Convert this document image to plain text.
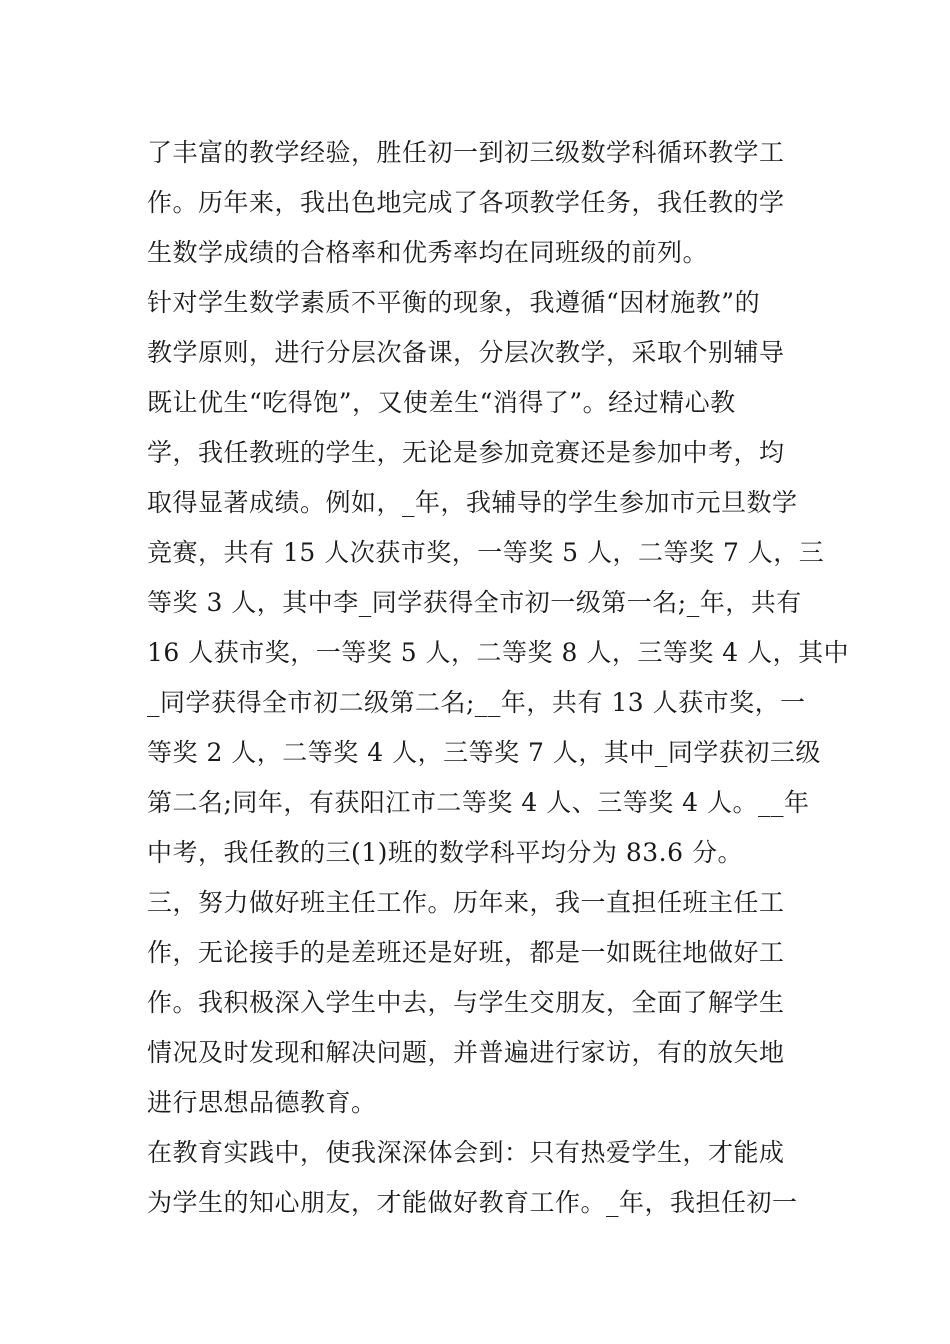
了丰富的教学经验，胜任初一到初三级数学科循环教学工
作。历年来，我出色地完成了各项教学任务，我任教的学
生数学成绩的合格率和优秀率均在同班级的前列。
针对学生数学素质不平衡的现象，我遵循“因材施教”的
教学原则，进行分层次备课，分层次教学，采取个别辅导
既让优生“吃得饱”，又使差生“消得了”。经过精心教
学，我任教班的学生，无论是参加竞赛还是参加中考，均
取得显著成绩。例如，_年，我辅导的学生参加市元旦数学
竞赛，共有 15 人次获市奖，一等奖 5 人，二等奖 7 人，三
等奖 3 人，其中李_同学获得全市初一级第一名;_年，共有
16 人获市奖，一等奖 5 人，二等奖 8 人，三等奖 4 人，其中
_同学获得全市初二级第二名;__年，共有 13 人获市奖，一
等奖 2 人，二等奖 4 人，三等奖 7 人，其中_同学获初三级
第二名;同年，有获阳江市二等奖 4 人、三等奖 4 人。__年
中考，我任教的三(1)班的数学科平均分为 83.6 分。
三，努力做好班主任工作。历年来，我一直担任班主任工
作，无论接手的是差班还是好班，都是一如既往地做好工
作。我积极深入学生中去，与学生交朋友，全面了解学生
情况及时发现和解决问题，并普遍进行家访，有的放矢地
进行思想品德教育。
在教育实践中，使我深深体会到：只有热爱学生，才能成
为学生的知心朋友，才能做好教育工作。_年，我担任初一
